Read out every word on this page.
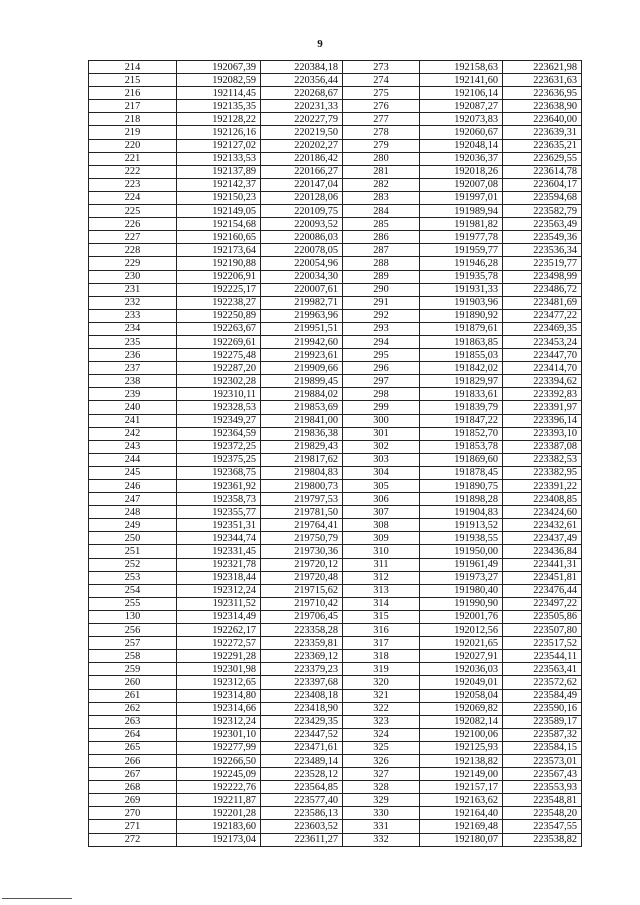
9
214	192067,39	220384,18	273	192158,63	223621,98
215	192082,59	220356,44	274	192141,60	223631,63
216	192114,45	220268,67	275	192106,14	223636,95
217	192135,35	220231,33	276	192087,27	223638,90
218	192128,22	220227,79	277	192073,83	223640,00
219	192126,16	220219,50	278	192060,67	223639,31
220	192127,02	220202,27	279	192048,14	223635,21
221	192133,53	220186,42	280	192036,37	223629,55
222	192137,89	220166,27	281	192018,26	223614,78
223	192142,37	220147,04	282	192007,08	223604,17
224	192150,23	220128,06	283	191997,01	223594,68
225	192149,05	220109,75	284	191989,94	223582,79
226	192154,68	220093,52	285	191981,82	223563,49
227	192160,65	220086,03	286	191977,78	223549,36
228	192173,64	220078,05	287	191959,77	223536,34
229	192190,88	220054,96	288	191946,28	223519,77
230	192206,91	220034,30	289	191935,78	223498,99
231	192225,17	220007,61	290	191931,33	223486,72
232	192238,27	219982,71	291	191903,96	223481,69
233	192250,89	219963,96	292	191890,92	223477,22
234	192263,67	219951,51	293	191879,61	223469,35
235	192269,61	219942,60	294	191863,85	223453,24
236	192275,48	219923,61	295	191855,03	223447,70
237	192287,20	219909,66	296	191842,02	223414,70
238	192302,28	219899,45	297	191829,97	223394,62
239	192310,11	219884,02	298	191833,61	223392,83
240	192328,53	219853,69	299	191839,79	223391,97
241	192349,27	219841,00	300	191847,22	223396,14
242	192364,59	219836,38	301	191852,70	223393,10
243	192372,25	219829,43	302	191853,78	223387,08
244	192375,25	219817,62	303	191869,60	223382,53
245	192368,75	219804,83	304	191878,45	223382,95
246	192361,92	219800,73	305	191890,75	223391,22
247	192358,73	219797,53	306	191898,28	223408,85
248	192355,77	219781,50	307	191904,83	223424,60
249	192351,31	219764,41	308	191913,52	223432,61
250	192344,74	219750,79	309	191938,55	223437,49
251	192331,45	219730,36	310	191950,00	223436,84
252	192321,78	219720,12	311	191961,49	223441,31
253	192318,44	219720,48	312	191973,27	223451,81
254	192312,24	219715,62	313	191980,40	223476,44
255	192311,52	219710,42	314	191990,90	223497,22
130	192314,49	219706,45	315	192001,76	223505,86
256	192262,17	223358,28	316	192012,56	223507,80
257	192272,57	223359,81	317	192021,65	223517,52
258	192291,28	223369,12	318	192027,91	223544,11
259	192301,98	223379,23	319	192036,03	223563,41
260	192312,65	223397,68	320	192049,01	223572,62
261	192314,80	223408,18	321	192058,04	223584,49
262	192314,66	223418,90	322	192069,82	223590,16
263	192312,24	223429,35	323	192082,14	223589,17
264	192301,10	223447,52	324	192100,06	223587,32
265	192277,99	223471,61	325	192125,93	223584,15
266	192266,50	223489,14	326	192138,82	223573,01
267	192245,09	223528,12	327	192149,00	223567,43
268	192222,76	223564,85	328	192157,17	223553,93
269	192211,87	223577,40	329	192163,62	223548,81
270	192201,28	223586,13	330	192164,40	223548,20
271	192183,60	223603,52	331	192169,48	223547,55
272	192173,04	223611,27	332	192180,07	223538,82
